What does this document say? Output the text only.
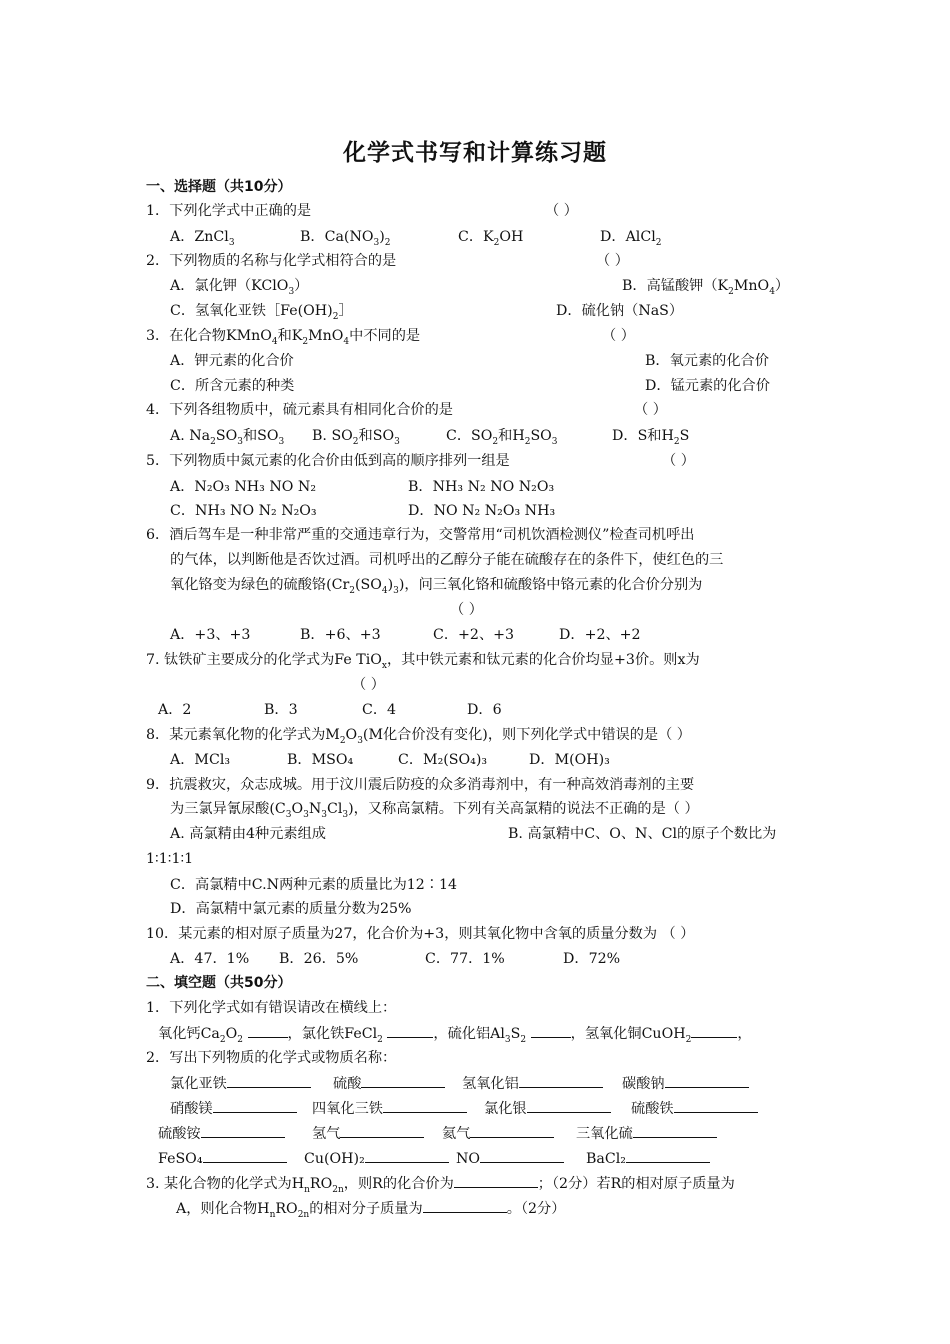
化学式书写和计算练习题
一、选择题（共10分）
1．下列化学式中正确的是	（ ）
A．ZnCl$_3$	B．$Ca(NO_3)_2$	C．$K_2OH$	D．AlCl$_2$
2．下列物质的名称与化学式相符合的是	（ ）
A．氯化钾（KClO$_3$）	B．高锰酸钾$(K_2MnO_4)$
C．氢氧化亚铁$[Fe(OH)_2]$	D．硫化钠（NaS）
3．在化合物KMnO$_4$和$K_2MnO_4$中不同的是	（ ）
A．钾元素的化合价	B．氧元素的化合价
C．所含元素的种类	D．锰元素的化合价
4．下列各组物质中，硫元素具有相同化合价的是	（ ）
A. $Na_2SO_3$和$SO_3$ B. $SO_2$和$SO_3$	C．$SO_2$和$H_2SO_3$	D．S和$H_2S$
5．下列物质中氮元素的化合价由低到高的顺序排列一组是	（ ）
A．N₂O₃ NH₃ NO N₂	B．NH₃ N₂ NO N₂O₃
C．NH₃ NO N₂ N₂O₃	D．NO N₂ N₂O₃ NH₃
6．酒后驾车是一种非常严重的交通违章行为，交警常用“司机饮酒检测仪”检查司机呼出
的气体，以判断他是否饮过酒。司机呼出的乙醇分子能在硫酸存在的条件下，使红色的三
氧化铬变为绿色的硫酸铬$(Cr_2(SO_4)_3)$，问三氧化铬和硫酸铬中铬元素的化合价分别为
（ ）
A．+3、+3	B．+6、+3	C．+2、+3	D．+2、+2
7. 钛铁矿主要成分的化学式为Fe TiO$_x$，其中铁元素和钛元素的化合价均显+3价。则x为
（ ）
A．2	B．3	C．4	D．6
8．某元素氧化物的化学式为$M_2O_3(M$化合价没有变化)，则下列化学式中错误的是（ ）
A．MCl₃	B．MSO₄	C．M₂(SO₄)₃	D．M(OH)₃
9．抗震救灾，众志成城。用于汶川震后防疫的众多消毒剂中，有一种高效消毒剂的主要
为三氯异氰尿酸$(C_3O_3N_3Cl_3)$，又称高氯精。下列有关高氯精的说法不正确的是（ ）
A. 高氯精由4种元素组成	B. 高氯精中C、O、N、Cl的原子个数比为
1∶1∶1∶1
C．高氯精中C.N两种元素的质量比为12∶14
D．高氯精中氯元素的质量分数为25%
10．某元素的相对原子质量为27，化合价为+3，则其氧化物中含氧的质量分数为 （ ）
A．47．1% B．26．5%	C．77．1%	D．72%
二、填空题（共50分）
1．下列化学式如有错误请改在横线上：
氧化钙$Ca_2O_2$	，氯化铁FeCl$_2$	，硫化铝$Al_3S_2$	，氢氧化铜CuOH$_2$	，
2．写出下列物质的化学式或物质名称：
氯化亚铁	硫酸	氢氧化铝	碳酸钠
硝酸镁	四氧化三铁	氯化银	硫酸铁
硫酸铵	氢气	氦气	三氧化硫
FeSO₄	Cu(OH)₂	NO	BaCl₂
3. 某化合物的化学式为$H_nRO_{2n}$，则R的化合价为	；（2分）若R的相对原子质量为
A，则化合物$H_nRO_{2n}$的相对分子质量为	。（2分）
